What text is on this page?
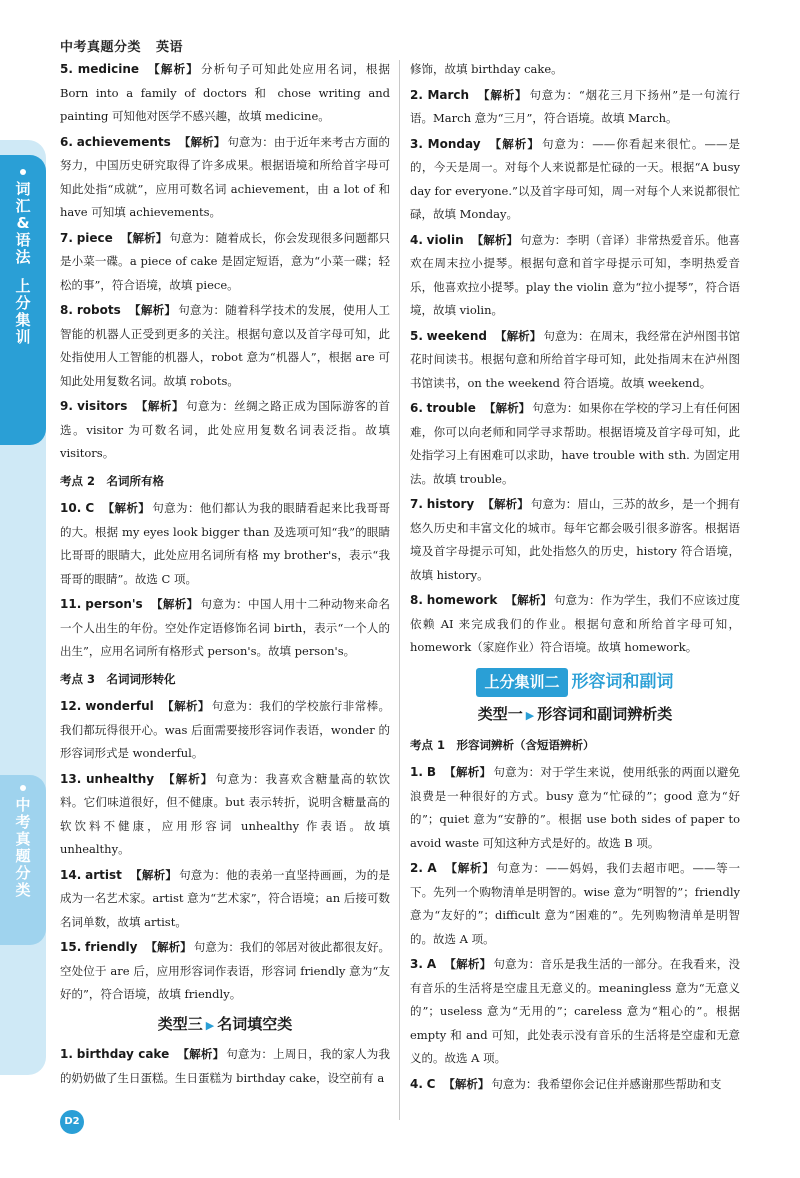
中考真题分类 英语
词
汇
&
语
法
上
分
集
训
中
考
真
题
分
类
5. medicine 【解析】 分析句子可知此处应用名词，根据 Born into a family of doctors 和 chose writing and painting 可知他对医学不感兴趣，故填 medicine。
6. achievements 【解析】 句意为：由于近年来考古方面的努力，中国历史研究取得了许多成果。根据语境和所给首字母可知此处指“成就”，应用可数名词 achievement，由 a lot of 和 have 可知填 achievements。
7. piece 【解析】 句意为：随着成长，你会发现很多问题都只是小菜一碟。a piece of cake 是固定短语，意为“小菜一碟；轻松的事”，符合语境，故填 piece。
8. robots 【解析】 句意为：随着科学技术的发展，使用人工智能的机器人正受到更多的关注。根据句意以及首字母可知，此处指使用人工智能的机器人，robot 意为“机器人”，根据 are 可知此处用复数名词。故填 robots。
9. visitors 【解析】 句意为：丝绸之路正成为国际游客的首选。visitor 为可数名词，此处应用复数名词表泛指。故填 visitors。
考点 2　名词所有格
10. C 【解析】 句意为：他们都认为我的眼睛看起来比我哥哥的大。根据 my eyes look bigger than 及选项可知“我”的眼睛比哥哥的眼睛大，此处应用名词所有格 my brother's，表示“我哥哥的眼睛”。故选 C 项。
11. person's 【解析】 句意为：中国人用十二种动物来命名一个人出生的年份。空处作定语修饰名词 birth，表示“一个人的出生”，应用名词所有格形式 person's。故填 person's。
考点 3　名词词形转化
12. wonderful 【解析】 句意为：我们的学校旅行非常棒。我们都玩得很开心。was 后面需要接形容词作表语，wonder 的形容词形式是 wonderful。
13. unhealthy 【解析】 句意为：我喜欢含糖量高的软饮料。它们味道很好，但不健康。but 表示转折，说明含糖量高的软饮料不健康，应用形容词 unhealthy 作表语。故填 unhealthy。
14. artist 【解析】 句意为：他的表弟一直坚持画画，为的是成为一名艺术家。artist 意为“艺术家”，符合语境；an 后接可数名词单数，故填 artist。
15. friendly 【解析】 句意为：我们的邻居对彼此都很友好。空处位于 are 后，应用形容词作表语，形容词 friendly 意为“友好的”，符合语境，故填 friendly。
类型三 ▶ 名词填空类
1. birthday cake 【解析】 句意为：上周日，我的家人为我的奶奶做了生日蛋糕。生日蛋糕为 birthday cake，设空前有 a
修饰，故填 birthday cake。
2. March 【解析】 句意为：“烟花三月下扬州”是一句流行语。March 意为“三月”，符合语境。故填 March。
3. Monday 【解析】 句意为：——你看起来很忙。——是的，今天是周一。对每个人来说都是忙碌的一天。根据“A busy day for everyone.”以及首字母可知，周一对每个人来说都很忙碌，故填 Monday。
4. violin 【解析】 句意为：李明（音译）非常热爱音乐。他喜欢在周末拉小提琴。根据句意和首字母提示可知，李明热爱音乐，他喜欢拉小提琴。play the violin 意为“拉小提琴”，符合语境，故填 violin。
5. weekend 【解析】 句意为：在周末，我经常在泸州图书馆花时间读书。根据句意和所给首字母可知，此处指周末在泸州图书馆读书，on the weekend 符合语境。故填 weekend。
6. trouble 【解析】 句意为：如果你在学校的学习上有任何困难，你可以向老师和同学寻求帮助。根据语境及首字母可知，此处指学习上有困难可以求助，have trouble with sth. 为固定用法。故填 trouble。
7. history 【解析】 句意为：眉山，三苏的故乡，是一个拥有悠久历史和丰富文化的城市。每年它都会吸引很多游客。根据语境及首字母提示可知，此处指悠久的历史，history 符合语境，故填 history。
8. homework 【解析】 句意为：作为学生，我们不应该过度依赖 AI 来完成我们的作业。根据句意和所给首字母可知，homework（家庭作业）符合语境。故填 homework。
上分集训二 形容词和副词
类型一 ▶ 形容词和副词辨析类
考点 1　形容词辨析（含短语辨析）
1. B 【解析】 句意为：对于学生来说，使用纸张的两面以避免浪费是一种很好的方式。busy 意为“忙碌的”；good 意为“好的”；quiet 意为“安静的”。根据 use both sides of paper to avoid waste 可知这种方式是好的。故选 B 项。
2. A 【解析】 句意为：——妈妈，我们去超市吧。——等一下。先列一个购物清单是明智的。wise 意为“明智的”；friendly 意为“友好的”；difficult 意为“困难的”。先列购物清单是明智的。故选 A 项。
3. A 【解析】 句意为：音乐是我生活的一部分。在我看来，没有音乐的生活将是空虚且无意义的。meaningless 意为“无意义的”；useless 意为“无用的”；careless 意为“粗心的”。根据 empty 和 and 可知，此处表示没有音乐的生活将是空虚和无意义的。故选 A 项。
4. C 【解析】 句意为：我希望你会记住并感谢那些帮助和支
D2
